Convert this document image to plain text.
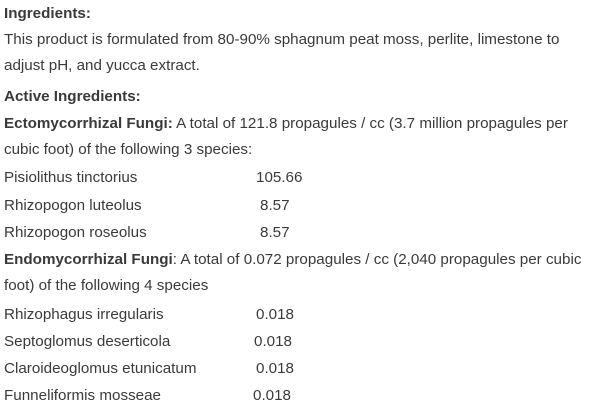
Ingredients:
This product is formulated from 80-90% sphagnum peat moss, perlite, limestone to adjust pH, and yucca extract.
Active Ingredients:
Ectomycorrhizal Fungi: A total of 121.8 propagules / cc (3.7 million propagules per cubic foot) of the following 3 species:
Pisiolithus tinctorius	105.66
Rhizopogon luteolus	8.57
Rhizopogon roseolus	8.57
Endomycorrhizal Fungi: A total of 0.072 propagules / cc (2,040 propagules per cubic foot) of the following 4 species
Rhizophagus irregularis	0.018
Septoglomus deserticola	0.018
Claroideoglomus etunicatum	0.018
Funneliformis mosseae	0.018
